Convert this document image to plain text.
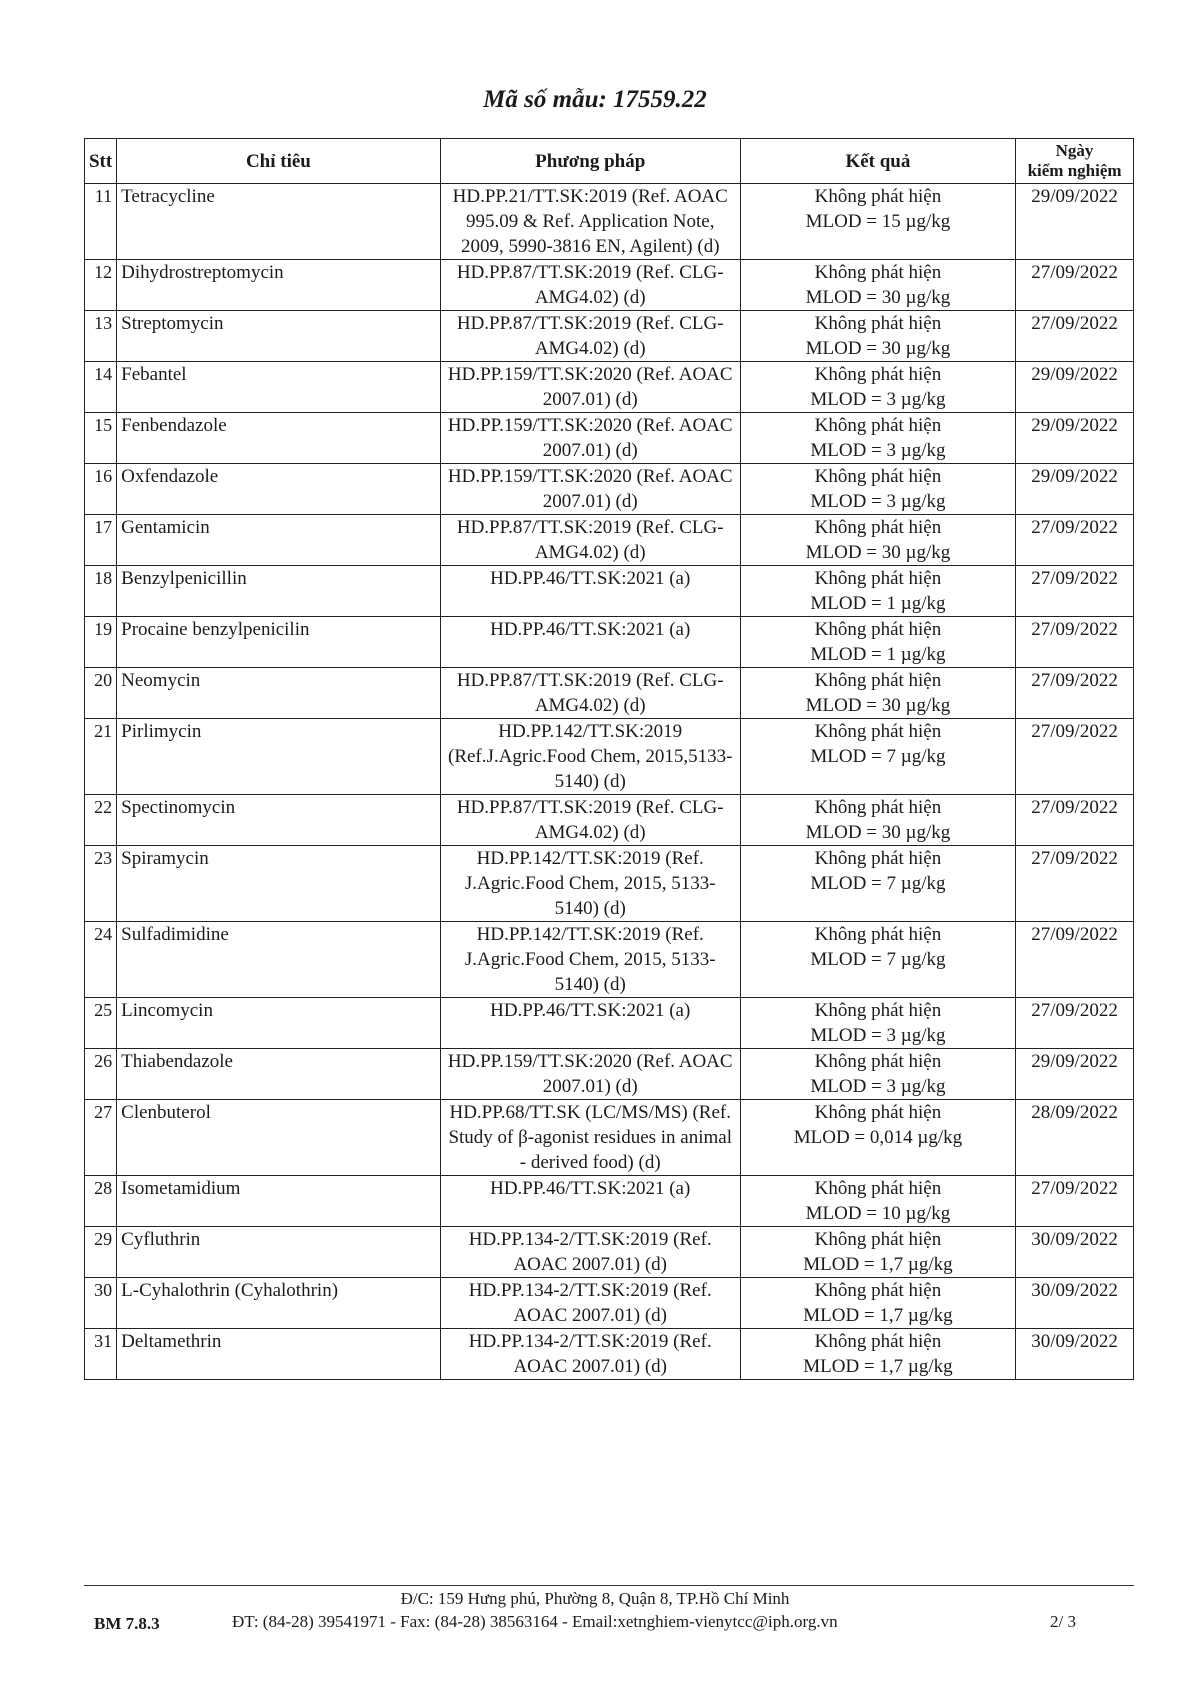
Mã số mẫu: 17559.22
Stt	Chỉ tiêu	Phương pháp	Kết quả	Ngày
kiểm nghiệm

11	Tetracycline	HD.PP.21/TT.SK:2019 (Ref. AOAC 995.09 & Ref. Application Note, 2009, 5990-3816 EN, Agilent) (d)	Không phát hiện
MLOD = 15 µg/kg	29/09/2022
12	Dihydrostreptomycin	HD.PP.87/TT.SK:2019 (Ref. CLG-AMG4.02) (d)	Không phát hiện
MLOD = 30 µg/kg	27/09/2022
13	Streptomycin	HD.PP.87/TT.SK:2019 (Ref. CLG-AMG4.02) (d)	Không phát hiện
MLOD = 30 µg/kg	27/09/2022
14	Febantel	HD.PP.159/TT.SK:2020 (Ref. AOAC 2007.01) (d)	Không phát hiện
MLOD = 3 µg/kg	29/09/2022
15	Fenbendazole	HD.PP.159/TT.SK:2020 (Ref. AOAC 2007.01) (d)	Không phát hiện
MLOD = 3 µg/kg	29/09/2022
16	Oxfendazole	HD.PP.159/TT.SK:2020 (Ref. AOAC 2007.01) (d)	Không phát hiện
MLOD = 3 µg/kg	29/09/2022
17	Gentamicin	HD.PP.87/TT.SK:2019 (Ref. CLG-AMG4.02) (d)	Không phát hiện
MLOD = 30 µg/kg	27/09/2022
18	Benzylpenicillin	HD.PP.46/TT.SK:2021 (a)	Không phát hiện
MLOD = 1 µg/kg	27/09/2022
19	Procaine benzylpenicilin	HD.PP.46/TT.SK:2021 (a)	Không phát hiện
MLOD = 1 µg/kg	27/09/2022
20	Neomycin	HD.PP.87/TT.SK:2019 (Ref. CLG-AMG4.02) (d)	Không phát hiện
MLOD = 30 µg/kg	27/09/2022
21	Pirlimycin	HD.PP.142/TT.SK:2019 (Ref.J.Agric.Food Chem, 2015,5133-5140) (d)	Không phát hiện
MLOD = 7 µg/kg	27/09/2022
22	Spectinomycin	HD.PP.87/TT.SK:2019 (Ref. CLG-AMG4.02) (d)	Không phát hiện
MLOD = 30 µg/kg	27/09/2022
23	Spiramycin	HD.PP.142/TT.SK:2019 (Ref. J.Agric.Food Chem, 2015, 5133-5140) (d)	Không phát hiện
MLOD = 7 µg/kg	27/09/2022
24	Sulfadimidine	HD.PP.142/TT.SK:2019 (Ref. J.Agric.Food Chem, 2015, 5133-5140) (d)	Không phát hiện
MLOD = 7 µg/kg	27/09/2022
25	Lincomycin	HD.PP.46/TT.SK:2021 (a)	Không phát hiện
MLOD = 3 µg/kg	27/09/2022
26	Thiabendazole	HD.PP.159/TT.SK:2020 (Ref. AOAC 2007.01) (d)	Không phát hiện
MLOD = 3 µg/kg	29/09/2022
27	Clenbuterol	HD.PP.68/TT.SK (LC/MS/MS) (Ref. Study of β-agonist residues in animal - derived food) (d)	Không phát hiện
MLOD = 0,014 µg/kg	28/09/2022
28	Isometamidium	HD.PP.46/TT.SK:2021 (a)	Không phát hiện
MLOD = 10 µg/kg	27/09/2022
29	Cyfluthrin	HD.PP.134-2/TT.SK:2019 (Ref. AOAC 2007.01) (d)	Không phát hiện
MLOD = 1,7 µg/kg	30/09/2022
30	L-Cyhalothrin (Cyhalothrin)	HD.PP.134-2/TT.SK:2019 (Ref. AOAC 2007.01) (d)	Không phát hiện
MLOD = 1,7 µg/kg	30/09/2022
31	Deltamethrin	HD.PP.134-2/TT.SK:2019 (Ref. AOAC 2007.01) (d)	Không phát hiện
MLOD = 1,7 µg/kg	30/09/2022
Đ/C: 159 Hưng phú, Phường 8, Quận 8, TP.Hồ Chí Minh
BM 7.8.3	ĐT: (84-28) 39541971 - Fax: (84-28) 38563164 - Email:xetnghiem-vienytcc@iph.org.vn	2/ 3
